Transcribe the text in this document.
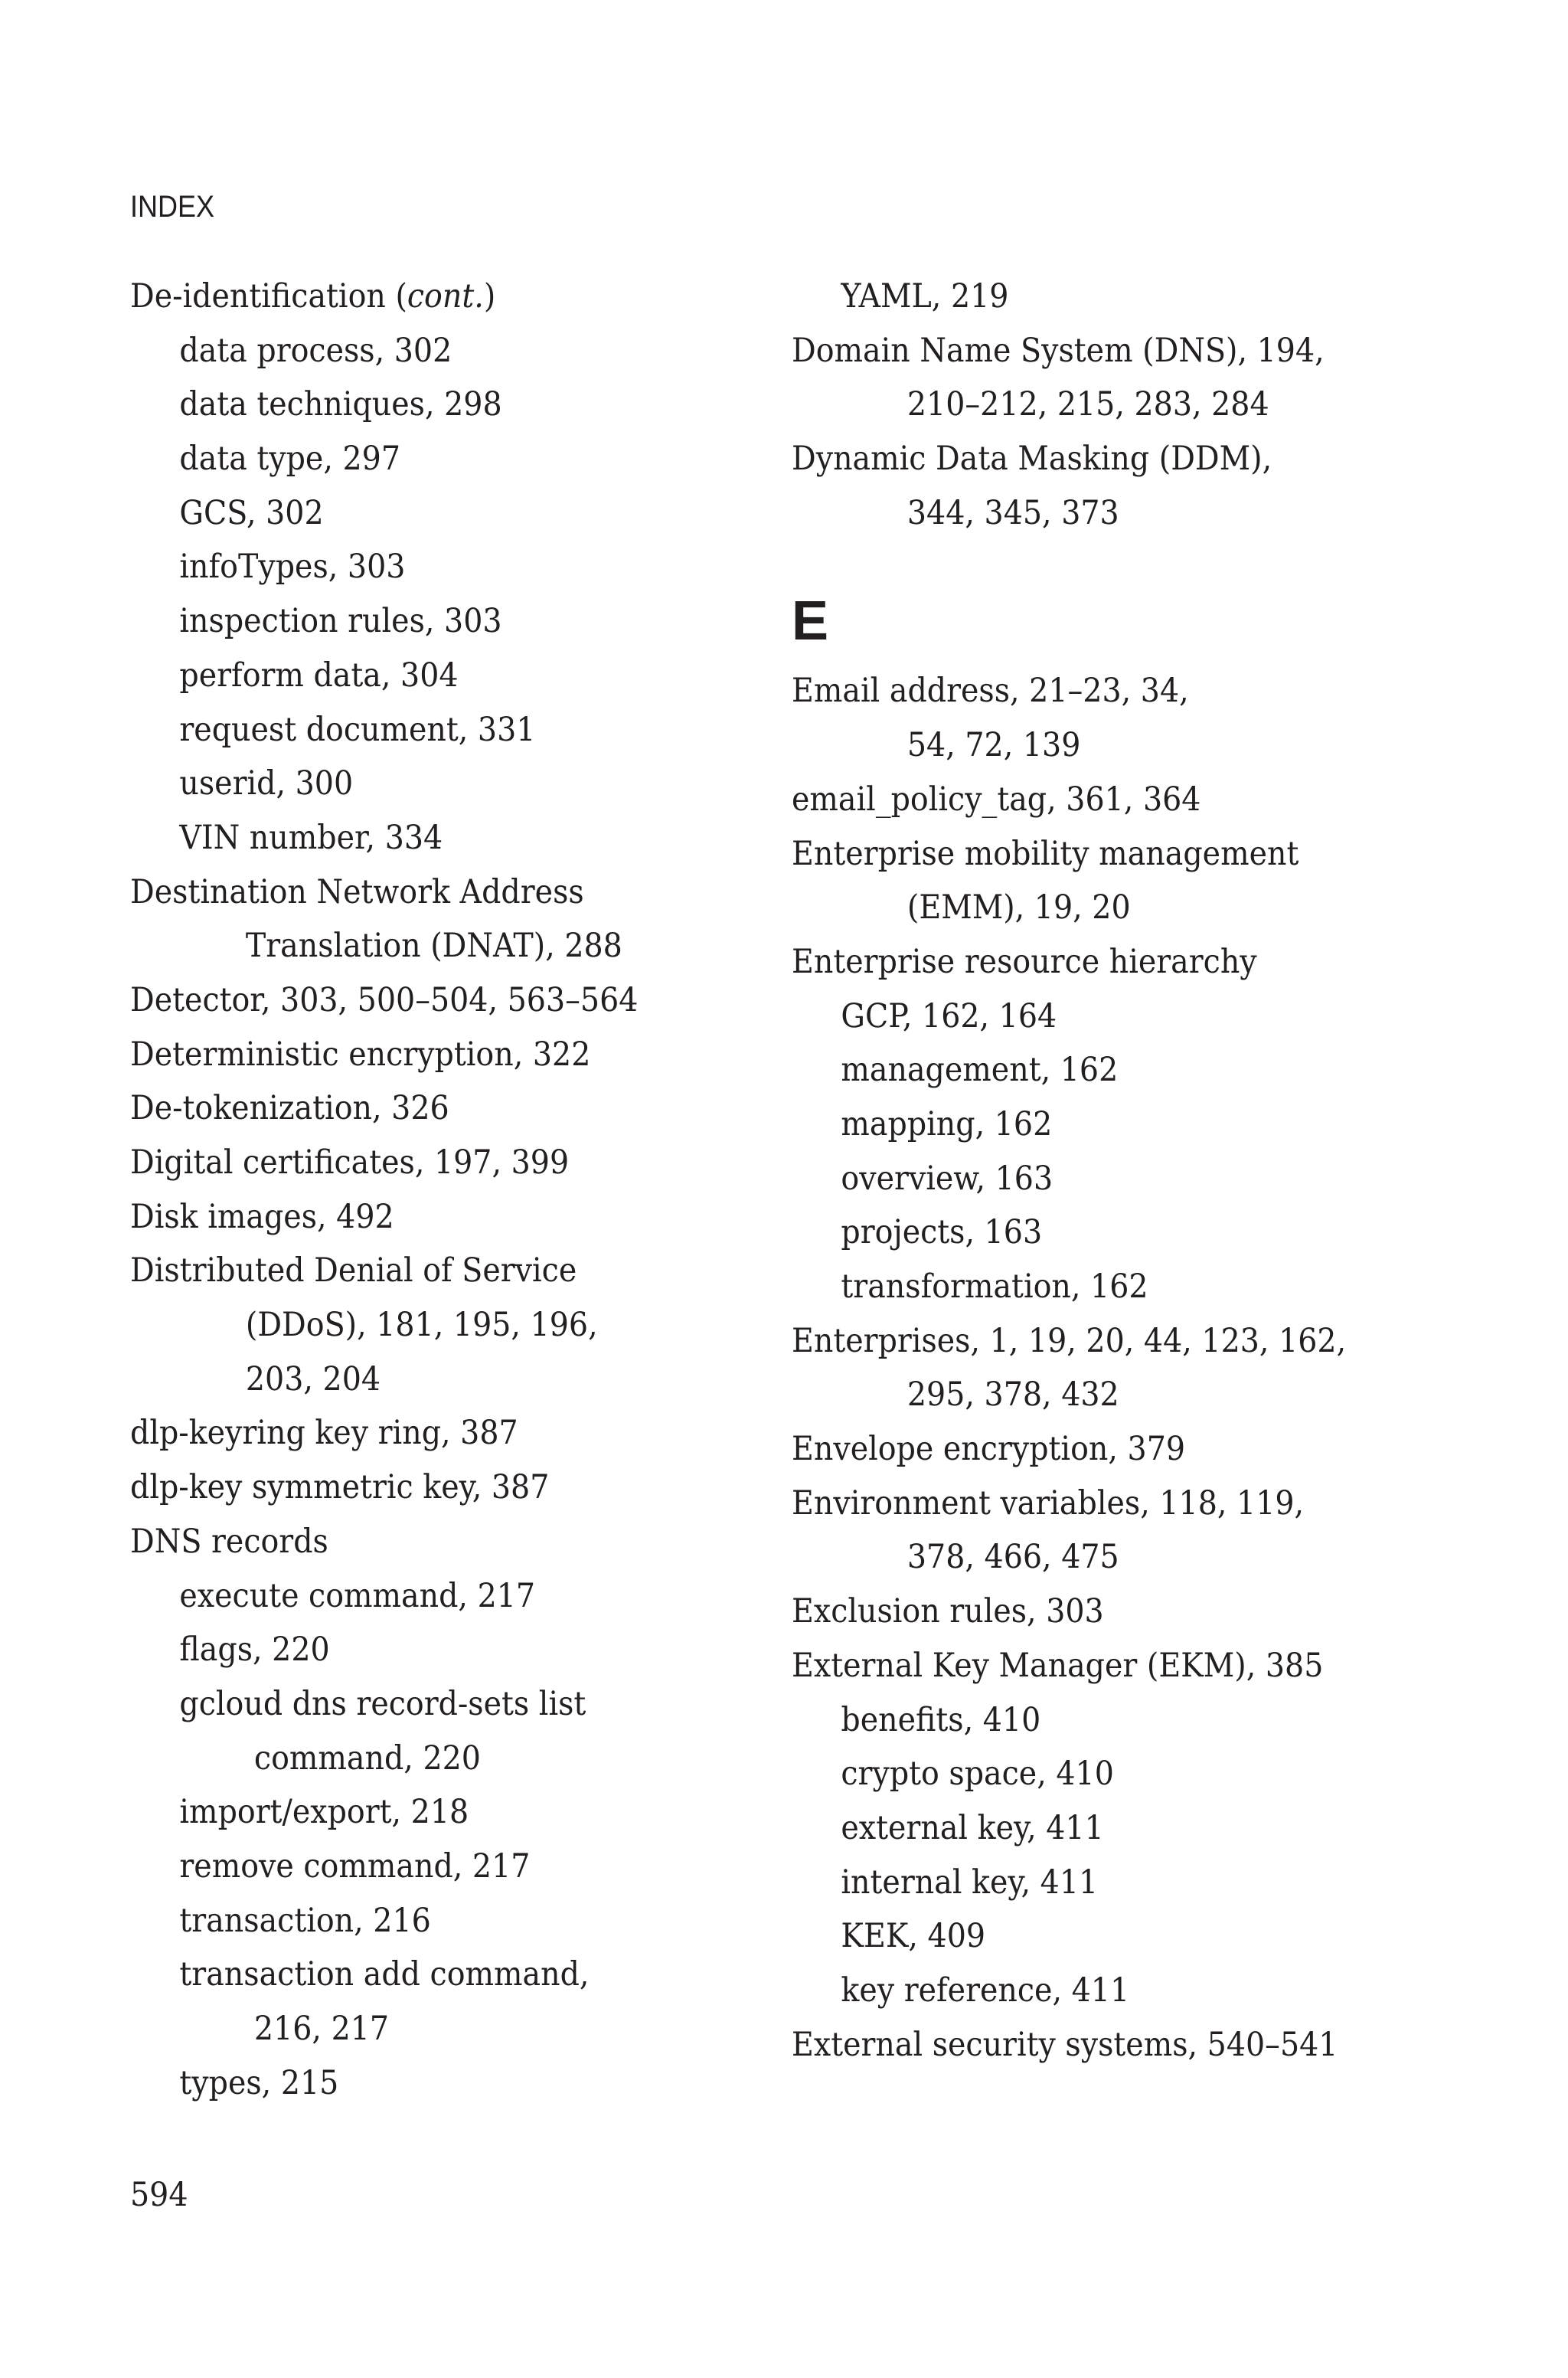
INDEX
De-identification (cont.)
data process, 302
data techniques, 298
data type, 297
GCS, 302
infoTypes, 303
inspection rules, 303
perform data, 304
request document, 331
userid, 300
VIN number, 334
Destination Network Address
Translation (DNAT), 288
Detector, 303, 500–504, 563–564
Deterministic encryption, 322
De-tokenization, 326
Digital certificates, 197, 399
Disk images, 492
Distributed Denial of Service
(DDoS), 181, 195, 196,
203, 204
dlp-keyring key ring, 387
dlp-key symmetric key, 387
DNS records
execute command, 217
flags, 220
gcloud dns record-sets list
command, 220
import/export, 218
remove command, 217
transaction, 216
transaction add command,
216, 217
types, 215
YAML, 219
Domain Name System (DNS), 194,
210–212, 215, 283, 284
Dynamic Data Masking (DDM),
344, 345, 373
E
Email address, 21–23, 34,
54, 72, 139
email_policy_tag, 361, 364
Enterprise mobility management
(EMM), 19, 20
Enterprise resource hierarchy
GCP, 162, 164
management, 162
mapping, 162
overview, 163
projects, 163
transformation, 162
Enterprises, 1, 19, 20, 44, 123, 162,
295, 378, 432
Envelope encryption, 379
Environment variables, 118, 119,
378, 466, 475
Exclusion rules, 303
External Key Manager (EKM), 385
benefits, 410
crypto space, 410
external key, 411
internal key, 411
KEK, 409
key reference, 411
External security systems, 540–541
594
